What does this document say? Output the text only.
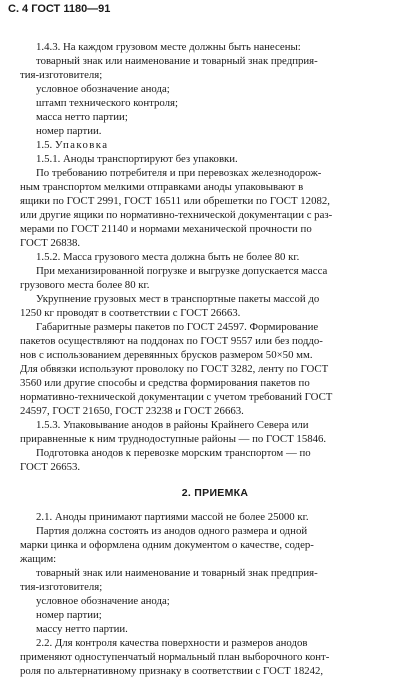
С. 4 ГОСТ 1180—91
1.4.3. На каждом грузовом месте должны быть нанесены:
товарный знак или наименование и товарный знак предприя-
тия-изготовителя;
условное обозначение анода;
штамп технического контроля;
масса нетто партии;
номер партии.
1.5. Упаковка
1.5.1. Аноды транспортируют без упаковки.
По требованию потребителя и при перевозках железнодорож-
ным транспортом мелкими отправками аноды упаковывают в
ящики по ГОСТ 2991, ГОСТ 16511 или обрешетки по ГОСТ 12082,
или другие ящики по нормативно-технической документации с раз-
мерами по ГОСТ 21140 и нормами механической прочности по
ГОСТ 26838.
1.5.2. Масса грузового места должна быть не более 80 кг.
При механизированной погрузке и выгрузке допускается масса
грузового места более 80 кг.
Укрупнение грузовых мест в транспортные пакеты массой до
1250 кг проводят в соответствии с ГОСТ 26663.
Габаритные размеры пакетов по ГОСТ 24597. Формирование
пакетов осуществляют на поддонах по ГОСТ 9557 или без поддо-
нов с использованием деревянных брусков размером 50×50 мм.
Для обвязки используют проволоку по ГОСТ 3282, ленту по ГОСТ
3560 или другие способы и средства формирования пакетов по
нормативно-технической документации с учетом требований ГОСТ
24597, ГОСТ 21650, ГОСТ 23238 и ГОСТ 26663.
1.5.3. Упаковывание анодов в районы Крайнего Севера или
приравненные к ним труднодоступные районы — по ГОСТ 15846.
Подготовка анодов к перевозке морским транспортом — по
ГОСТ 26653.
2. ПРИЕМКА
2.1. Аноды принимают партиями массой не более 25000 кг.
Партия должна состоять из анодов одного размера и одной
марки цинка и оформлена одним документом о качестве, содер-
жащим:
товарный знак или наименование и товарный знак предприя-
тия-изготовителя;
условное обозначение анода;
номер партии;
массу нетто партии.
2.2. Для контроля качества поверхности и размеров анодов
применяют одноступенчатый нормальный план выборочного конт-
роля по альтернативному признаку в соответствии с ГОСТ 18242,
